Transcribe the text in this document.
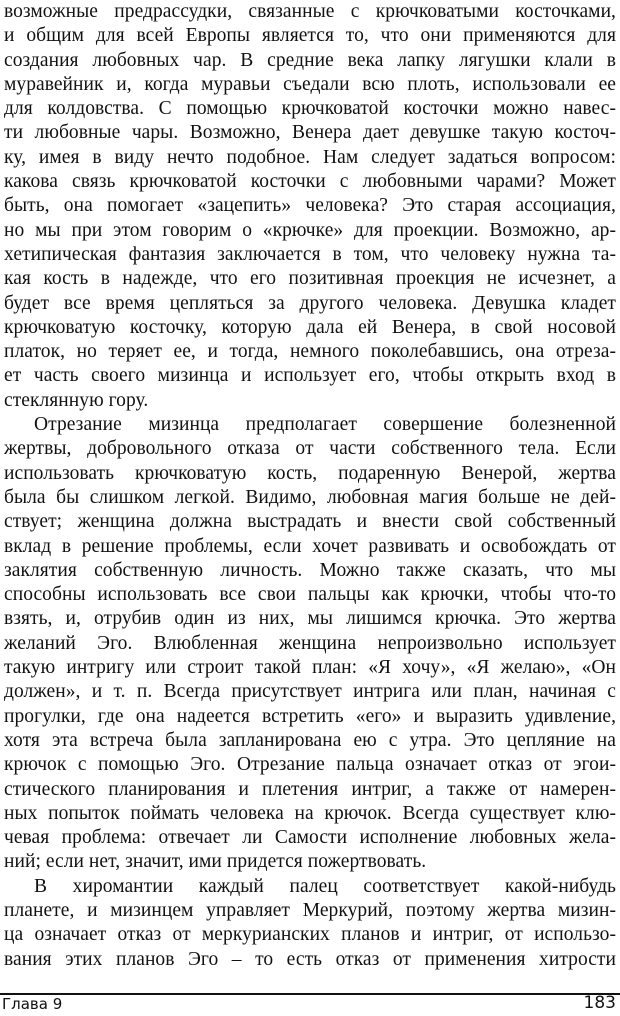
возможные предрассудки, связанные с крючковатыми косточками,
и общим для всей Европы является то, что они применяются для
создания любовных чар. В средние века лапку лягушки клали в
муравейник и, когда муравьи съедали всю плоть, использовали ее
для колдовства. С помощью крючковатой косточки можно навес-
ти любовные чары. Возможно, Венера дает девушке такую косточ-
ку, имея в виду нечто подобное. Нам следует задаться вопросом:
какова связь крючковатой косточки с любовными чарами? Может
быть, она помогает «зацепить» человека? Это старая ассоциация,
но мы при этом говорим о «крючке» для проекции. Возможно, ар-
хетипическая фантазия заключается в том, что человеку нужна та-
кая кость в надежде, что его позитивная проекция не исчезнет, а
будет все время цепляться за другого человека. Девушка кладет
крючковатую косточку, которую дала ей Венера, в свой носовой
платок, но теряет ее, и тогда, немного поколебавшись, она отреза-
ет часть своего мизинца и использует его, чтобы открыть вход в
стеклянную гору.
Отрезание мизинца предполагает совершение болезненной
жертвы, добровольного отказа от части собственного тела. Если
использовать крючковатую кость, подаренную Венерой, жертва
была бы слишком легкой. Видимо, любовная магия больше не дей-
ствует; женщина должна выстрадать и внести свой собственный
вклад в решение проблемы, если хочет развивать и освобождать от
заклятия собственную личность. Можно также сказать, что мы
способны использовать все свои пальцы как крючки, чтобы что-то
взять, и, отрубив один из них, мы лишимся крючка. Это жертва
желаний Эго. Влюбленная женщина непроизвольно использует
такую интригу или строит такой план: «Я хочу», «Я желаю», «Он
должен», и т. п. Всегда присутствует интрига или план, начиная с
прогулки, где она надеется встретить «его» и выразить удивление,
хотя эта встреча была запланирована ею с утра. Это цепляние на
крючок с помощью Эго. Отрезание пальца означает отказ от эгои-
стического планирования и плетения интриг, а также от намерен-
ных попыток поймать человека на крючок. Всегда существует клю-
чевая проблема: отвечает ли Самости исполнение любовных жела-
ний; если нет, значит, ими придется пожертвовать.
В хиромантии каждый палец соответствует какой-нибудь
планете, и мизинцем управляет Меркурий, поэтому жертва мизин-
ца означает отказ от меркурианских планов и интриг, от использо-
вания этих планов Эго – то есть отказ от применения хитрости
Глава 9	183
